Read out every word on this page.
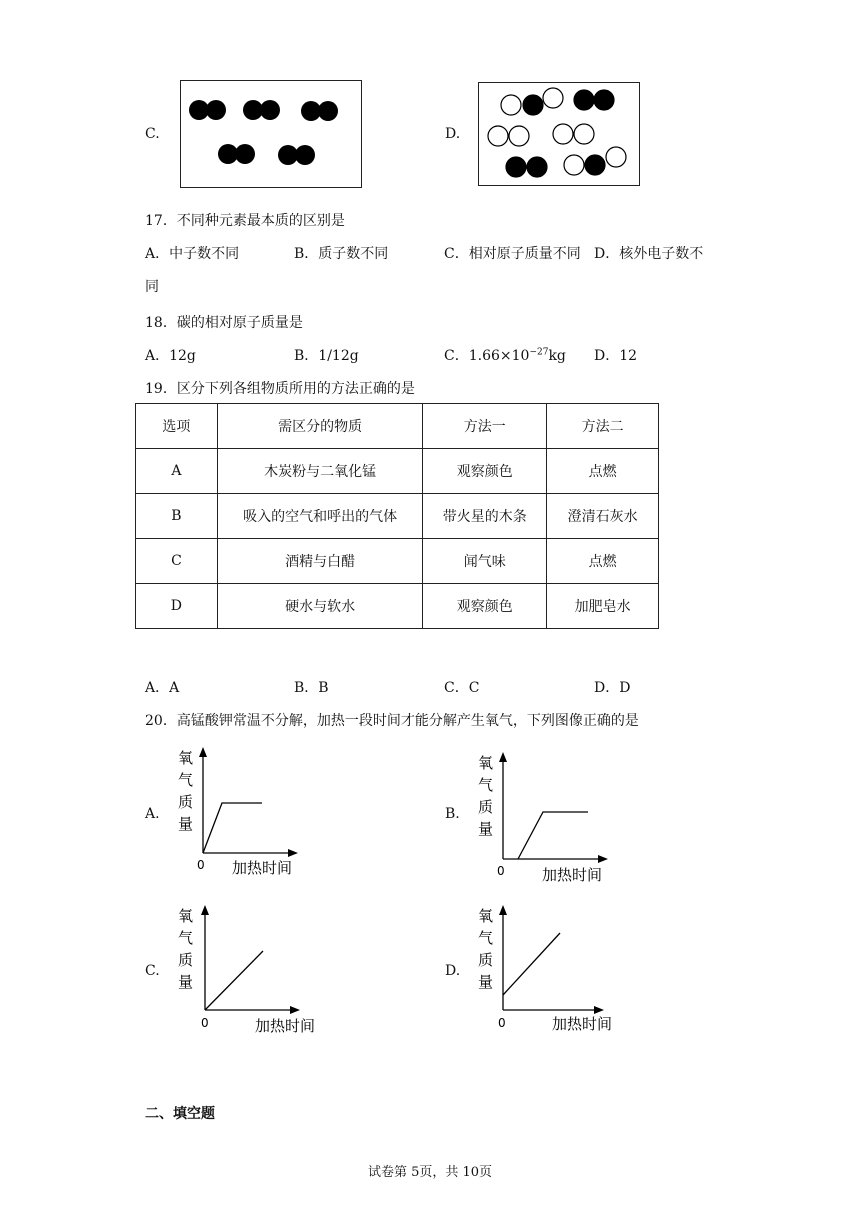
C.	D.
17．不同种元素最本质的区别是
A．中子数不同	B．质子数不同	C．相对原子质量不同 D．核外电子数不
同
18．碳的相对原子质量是
A．12g	B．1/12g	C．$1.66\times 10^{-27}kg$ D．12
19．区分下列各组物质所用的方法正确的是
选项	需区分的物质	方法一	方法二
A	木炭粉与二氧化锰	观察颜色	点燃
B	吸入的空气和呼出的气体	带火星的木条	澄清石灰水
C	酒精与白醋	闻气味	点燃
D	硬水与软水	观察颜色	加肥皂水
A．A	B．B	C．C	D．D
20．高锰酸钾常温不分解，加热一段时间才能分解产生氧气，下列图像正确的是
A.
氧
气
质
量
0 加热时间
B.
氧
气
质
量
0 加热时间
C.
氧
气
质
量
0	加热时间
D.
氧
气
质
量
0	加热时间
二、填空题
试卷第 5页，共 10页
